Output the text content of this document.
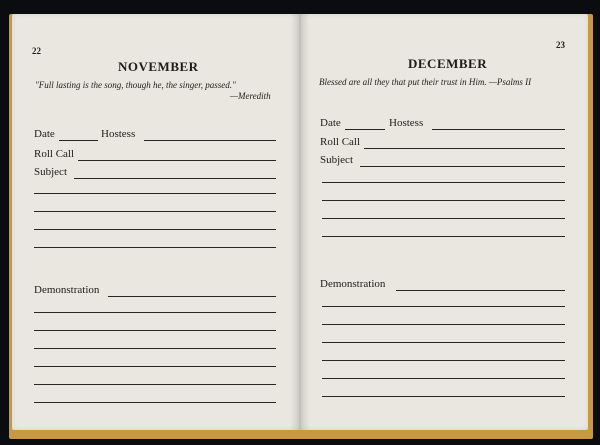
22
NOVEMBER
"Full lasting is the song, though he, the singer, passed."
—Meredith
Date	Hostess
Roll Call
Subject
Demonstration
23
DECEMBER
Blessed are all they that put their trust in Him. —Psalms II
Date	Hostess
Roll Call
Subject
Demonstration
